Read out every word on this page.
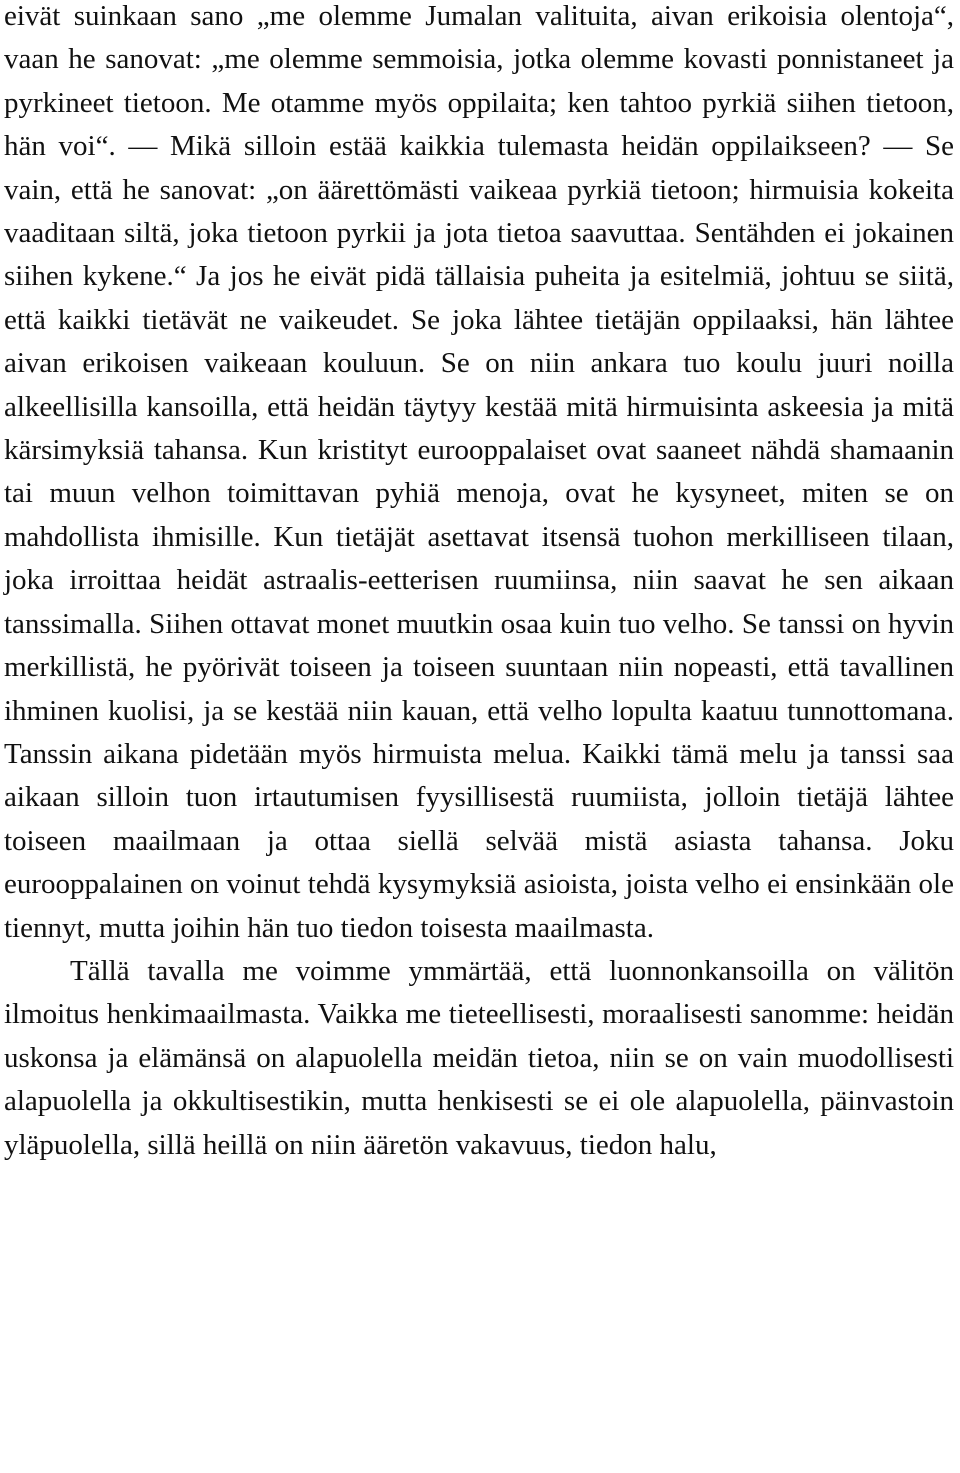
eivät suinkaan sano „me olemme Jumalan valituita, aivan erikoisia olentoja“, vaan he sanovat: „me olemme semmoisia, jotka olemme kovasti ponnistaneet ja pyrkineet tietoon. Me otamme myös oppilaita; ken tahtoo pyrkiä siihen tietoon, hän voi“. — Mikä silloin estää kaikkia tulemasta heidän oppilaikseen? — Se vain, että he sanovat: „on äärettömästi vaikeaa pyrkiä tietoon; hirmuisia kokeita vaaditaan siltä, joka tietoon pyrkii ja jota tietoa saavuttaa. Sentähden ei jokainen siihen kykene.“ Ja jos he eivät pidä tällaisia puheita ja esitelmiä, johtuu se siitä, että kaikki tietävät ne vaikeudet. Se joka lähtee tietäjän oppilaaksi, hän lähtee aivan erikoisen vaikeaan kouluun. Se on niin ankara tuo koulu juuri noilla alkeellisilla kansoilla, että heidän täytyy kestää mitä hirmuisinta askeesia ja mitä kärsimyksiä tahansa. Kun kristityt eurooppalaiset ovat saaneet nähdä shamaanin tai muun velhon toimittavan pyhiä menoja, ovat he kysyneet, miten se on mahdollista ihmisille. Kun tietäjät asettavat itsensä tuohon merkilliseen tilaan, joka irroittaa heidät astraalis-eetterisen ruumiinsa, niin saavat he sen aikaan tanssimalla. Siihen ottavat monet muutkin osaa kuin tuo velho. Se tanssi on hyvin merkillistä, he pyörivät toiseen ja toiseen suuntaan niin nopeasti, että tavallinen ihminen kuolisi, ja se kestää niin kauan, että velho lopulta kaatuu tunnottomana. Tanssin aikana pidetään myös hirmuista melua. Kaikki tämä melu ja tanssi saa aikaan silloin tuon irtautumisen fyysillisestä ruumiista, jolloin tietäjä lähtee toiseen maailmaan ja ottaa siellä selvää mistä asiasta tahansa. Joku eurooppalainen on voinut tehdä kysymyksiä asioista, joista velho ei ensinkään ole tiennyt, mutta joihin hän tuo tiedon toisesta maailmasta.

Tällä tavalla me voimme ymmärtää, että luonnonkansoilla on välitön ilmoitus henkimaailmasta. Vaikka me tieteellisesti, moraalisesti sanomme: heidän uskonsa ja elämänsä on alapuolella meidän tietoa, niin se on vain muodollisesti alapuolella ja okkultisestikin, mutta henkisesti se ei ole alapuolella, päinvastoin yläpuolella, sillä heillä on niin ääretön vakavuus, tiedon halu,
